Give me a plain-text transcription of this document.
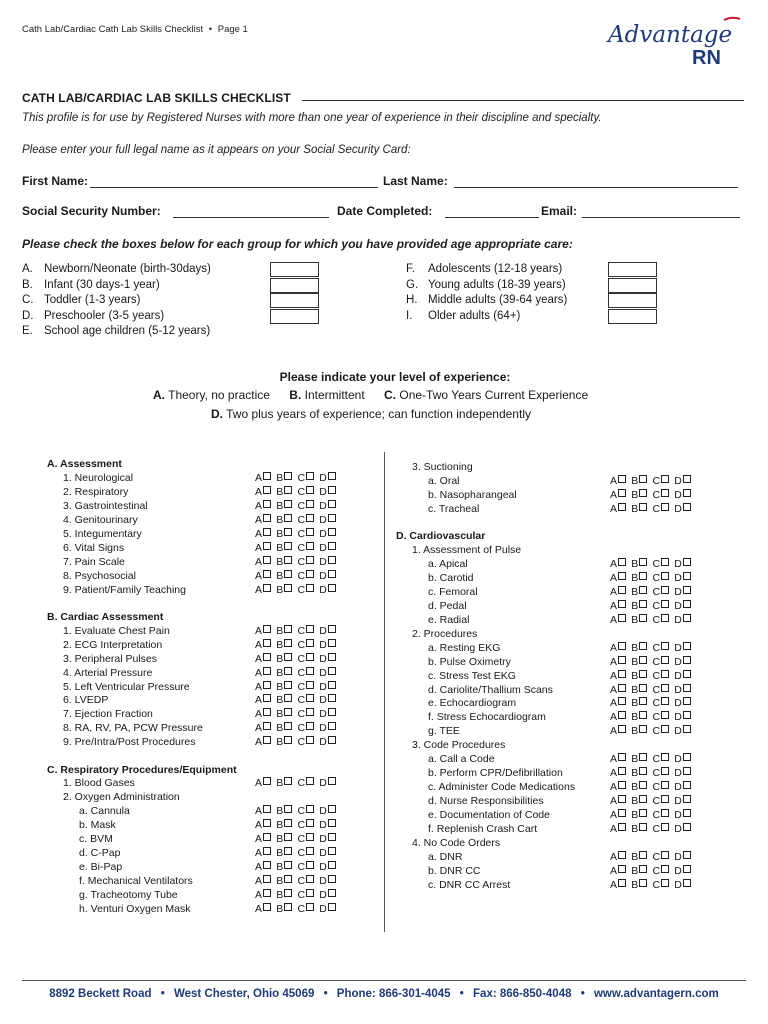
Cath Lab/Cardiac Cath Lab Skills Checklist • Page 1	Advantage
RN
CATH LAB/CARDIAC LAB SKILLS CHECKLIST
This profile is for use by Registered Nurses with more than one year of experience in their discipline and specialty.
Please enter your full legal name as it appears on your Social Security Card:
First Name:	Last Name:
Social Security Number:	Date Completed:	Email:
Please check the boxes below for each group for which you have provided age appropriate care:
A. Newborn/Neonate (birth-30days)
B. Infant (30 days-1 year)
C. Toddler (1-3 years)
D. Preschooler (3-5 years)
E. School age children (5-12 years)
F. Adolescents (12-18 years)
G. Young adults (18-39 years)
H. Middle adults (39-64 years)
I. Older adults (64+)
Please indicate your level of experience:
A. Theory, no practice B. Intermittent C. One-Two Years Current Experience
D. Two plus years of experience; can function independently
A. Assessment
1. Neurological	A B C D
2. Respiratory	A B C D
3. Gastrointestinal	A B C D
4. Genitourinary	A B C D
5. Integumentary	A B C D
6. Vital Signs	A B C D
7. Pain Scale	A B C D
8. Psychosocial	A B C D
9. Patient/Family Teaching	A B C D
B. Cardiac Assessment
1. Evaluate Chest Pain	A B C D
2. ECG Interpretation	A B C D
3. Peripheral Pulses	A B C D
4. Arterial Pressure	A B C D
5. Left Ventricular Pressure	A B C D
6. LVEDP	A B C D
7. Ejection Fraction	A B C D
8. RA, RV, PA, PCW Pressure	A B C D
9. Pre/Intra/Post Procedures	A B C D
C. Respiratory Procedures/Equipment
1. Blood Gases	A B C D
2. Oxygen Administration
a. Cannula	A B C D
b. Mask	A B C D
c. BVM	A B C D
d. C-Pap	A B C D
e. Bi-Pap	A B C D
f. Mechanical Ventilators	A B C D
g. Tracheotomy Tube	A B C D
h. Venturi Oxygen Mask	A B C D
3. Suctioning
a. Oral	A B C D
b. Nasopharangeal	A B C D
c. Tracheal	A B C D
D. Cardiovascular
1. Assessment of Pulse
a. Apical	A B C D
b. Carotid	A B C D
c. Femoral	A B C D
d. Pedal	A B C D
e. Radial	A B C D
2. Procedures
a. Resting EKG	A B C D
b. Pulse Oximetry	A B C D
c. Stress Test EKG	A B C D
d. Cariolite/Thallium Scans	A B C D
e. Echocardiogram	A B C D
f. Stress Echocardiogram	A B C D
g. TEE	A B C D
3. Code Procedures
a. Call a Code	A B C D
b. Perform CPR/Defibrillation	A B C D
c. Administer Code Medications	A B C D
d. Nurse Responsibilities	A B C D
e. Documentation of Code	A B C D
f. Replenish Crash Cart	A B C D
4. No Code Orders
a. DNR	A B C D
b. DNR CC	A B C D
c. DNR CC Arrest	A B C D
8892 Beckett Road • West Chester, Ohio 45069 • Phone: 866-301-4045 • Fax: 866-850-4048 • www.advantagern.com
